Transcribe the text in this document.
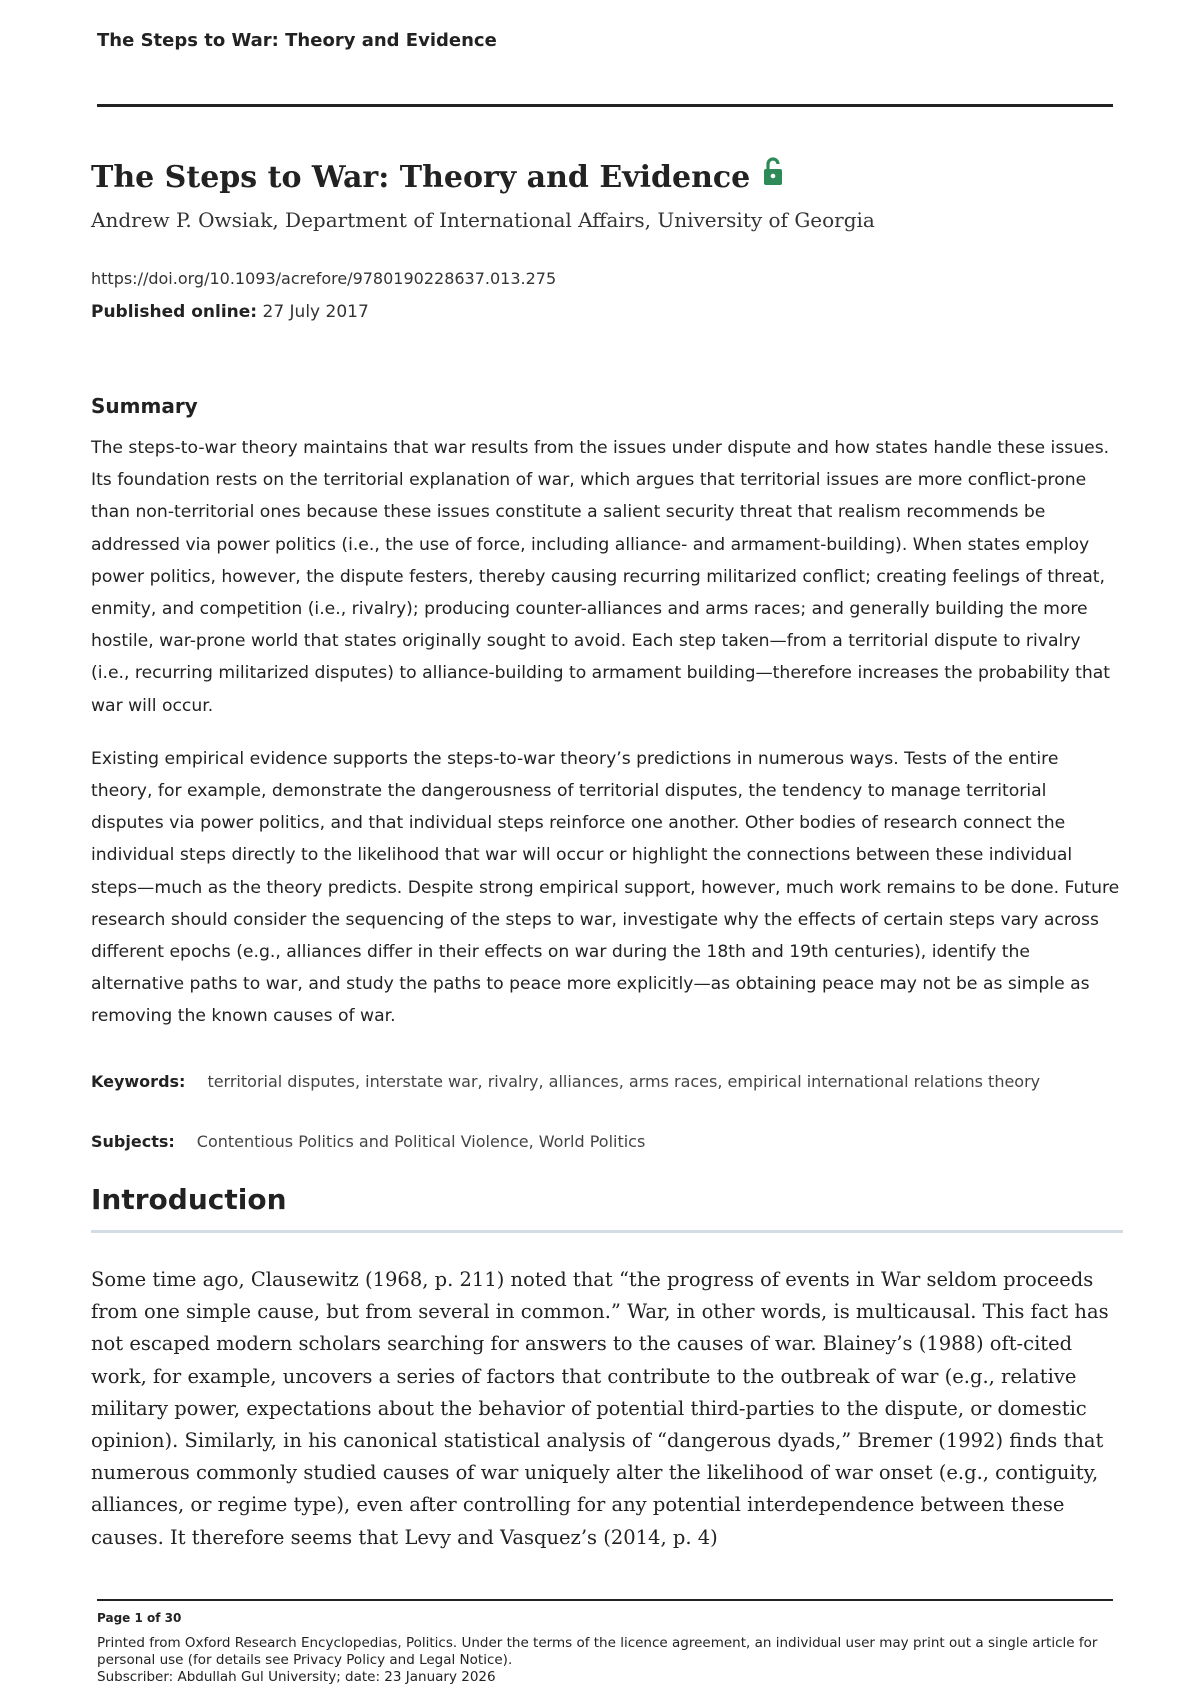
The Steps to War: Theory and Evidence
The Steps to War: Theory and Evidence
Andrew P. Owsiak, Department of International Affairs, University of Georgia
https://doi.org/10.1093/acrefore/9780190228637.013.275
Published online: 27 July 2017
Summary

The steps-to-war theory maintains that war results from the issues under dispute and how states handle these issues. Its foundation rests on the territorial explanation of war, which argues that territorial issues are more conflict-prone than non-territorial ones because these issues constitute a salient security threat that realism recommends be addressed via power politics (i.e., the use of force, including alliance- and armament-building). When states employ power politics, however, the dispute festers, thereby causing recurring militarized conflict; creating feelings of threat, enmity, and competition (i.e., rivalry); producing counter-alliances and arms races; and generally building the more hostile, war-prone world that states originally sought to avoid. Each step taken—from a territorial dispute to rivalry (i.e., recurring militarized disputes) to alliance-building to armament building—therefore increases the probability that war will occur.

Existing empirical evidence supports the steps-to-war theory’s predictions in numerous ways. Tests of the entire theory, for example, demonstrate the dangerousness of territorial disputes, the tendency to manage territorial disputes via power politics, and that individual steps reinforce one another. Other bodies of research connect the individual steps directly to the likelihood that war will occur or highlight the connections between these individual steps—much as the theory predicts. Despite strong empirical support, however, much work remains to be done. Future research should consider the sequencing of the steps to war, investigate why the effects of certain steps vary across different epochs (e.g., alliances differ in their effects on war during the 18th and 19th centuries), identify the alternative paths to war, and study the paths to peace more explicitly—as obtaining peace may not be as simple as removing the known causes of war.

Keywords: territorial disputes, interstate war, rivalry, alliances, arms races, empirical international relations theory
Subjects: Contentious Politics and Political Violence, World Politics
Introduction

Some time ago, Clausewitz (1968, p. 211) noted that “the progress of events in War seldom proceeds from one simple cause, but from several in common.” War, in other words, is multicausal. This fact has not escaped modern scholars searching for answers to the causes of war. Blainey’s (1988) oft-cited work, for example, uncovers a series of factors that contribute to the outbreak of war (e.g., relative military power, expectations about the behavior of potential third-parties to the dispute, or domestic opinion). Similarly, in his canonical statistical analysis of “dangerous dyads,” Bremer (1992) finds that numerous commonly studied causes of war uniquely alter the likelihood of war onset (e.g., contiguity, alliances, or regime type), even after controlling for any potential interdependence between these causes. It therefore seems that Levy and Vasquez’s (2014, p. 4)

Page 1 of 30
Printed from Oxford Research Encyclopedias, Politics. Under the terms of the licence agreement, an individual user may print out a single article for personal use (for details see Privacy Policy and Legal Notice).
Subscriber: Abdullah Gul University; date: 23 January 2026
